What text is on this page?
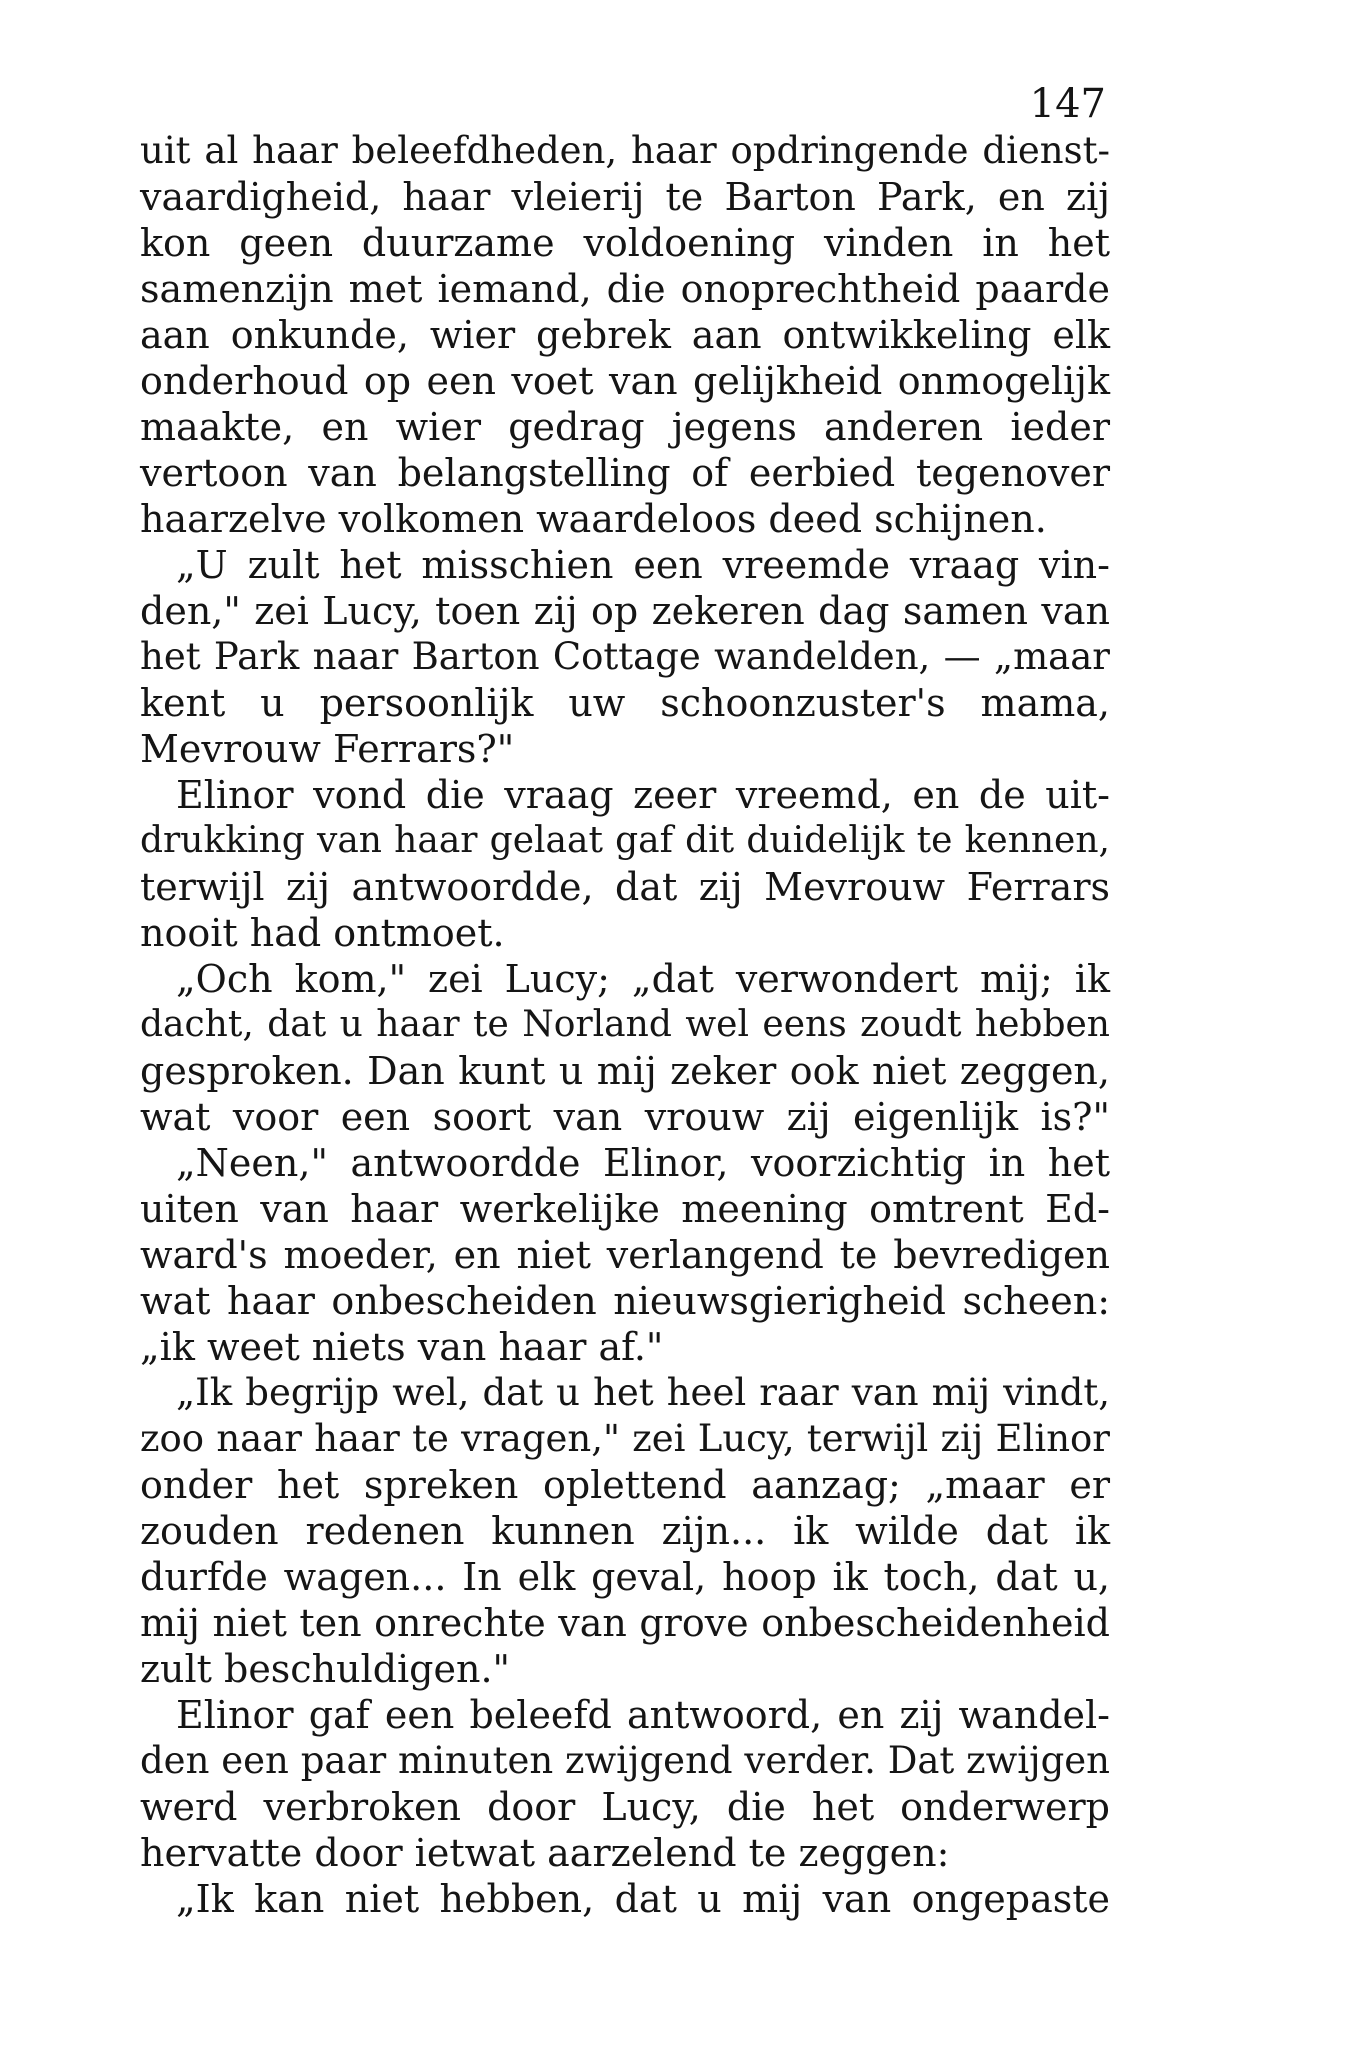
147
uit al haar beleefdheden, haar opdringende dienst-
vaardigheid, haar vleierij te Barton Park, en zij
kon geen duurzame voldoening vinden in het
samenzijn met iemand, die onoprechtheid paarde
aan onkunde, wier gebrek aan ontwikkeling elk
onderhoud op een voet van gelijkheid onmogelijk
maakte, en wier gedrag jegens anderen ieder
vertoon van belangstelling of eerbied tegenover
haarzelve volkomen waardeloos deed schijnen.
„U zult het misschien een vreemde vraag vin-
den," zei Lucy, toen zij op zekeren dag samen van
het Park naar Barton Cottage wandelden, — „maar
kent u persoonlijk uw schoonzuster's mama,
Mevrouw Ferrars?"
Elinor vond die vraag zeer vreemd, en de uit-
drukking van haar gelaat gaf dit duidelijk te kennen,
terwijl zij antwoordde, dat zij Mevrouw Ferrars
nooit had ontmoet.
„Och kom," zei Lucy; „dat verwondert mij; ik
dacht, dat u haar te Norland wel eens zoudt hebben
gesproken. Dan kunt u mij zeker ook niet zeggen,
wat voor een soort van vrouw zij eigenlijk is?"
„Neen," antwoordde Elinor, voorzichtig in het
uiten van haar werkelijke meening omtrent Ed-
ward's moeder, en niet verlangend te bevredigen
wat haar onbescheiden nieuwsgierigheid scheen:
„ik weet niets van haar af."
„Ik begrijp wel, dat u het heel raar van mij vindt,
zoo naar haar te vragen," zei Lucy, terwijl zij Elinor
onder het spreken oplettend aanzag; „maar er
zouden redenen kunnen zijn... ik wilde dat ik
durfde wagen... In elk geval, hoop ik toch, dat u,
mij niet ten onrechte van grove onbescheidenheid
zult beschuldigen."
Elinor gaf een beleefd antwoord, en zij wandel-
den een paar minuten zwijgend verder. Dat zwijgen
werd verbroken door Lucy, die het onderwerp
hervatte door ietwat aarzelend te zeggen:
„Ik kan niet hebben, dat u mij van ongepaste
